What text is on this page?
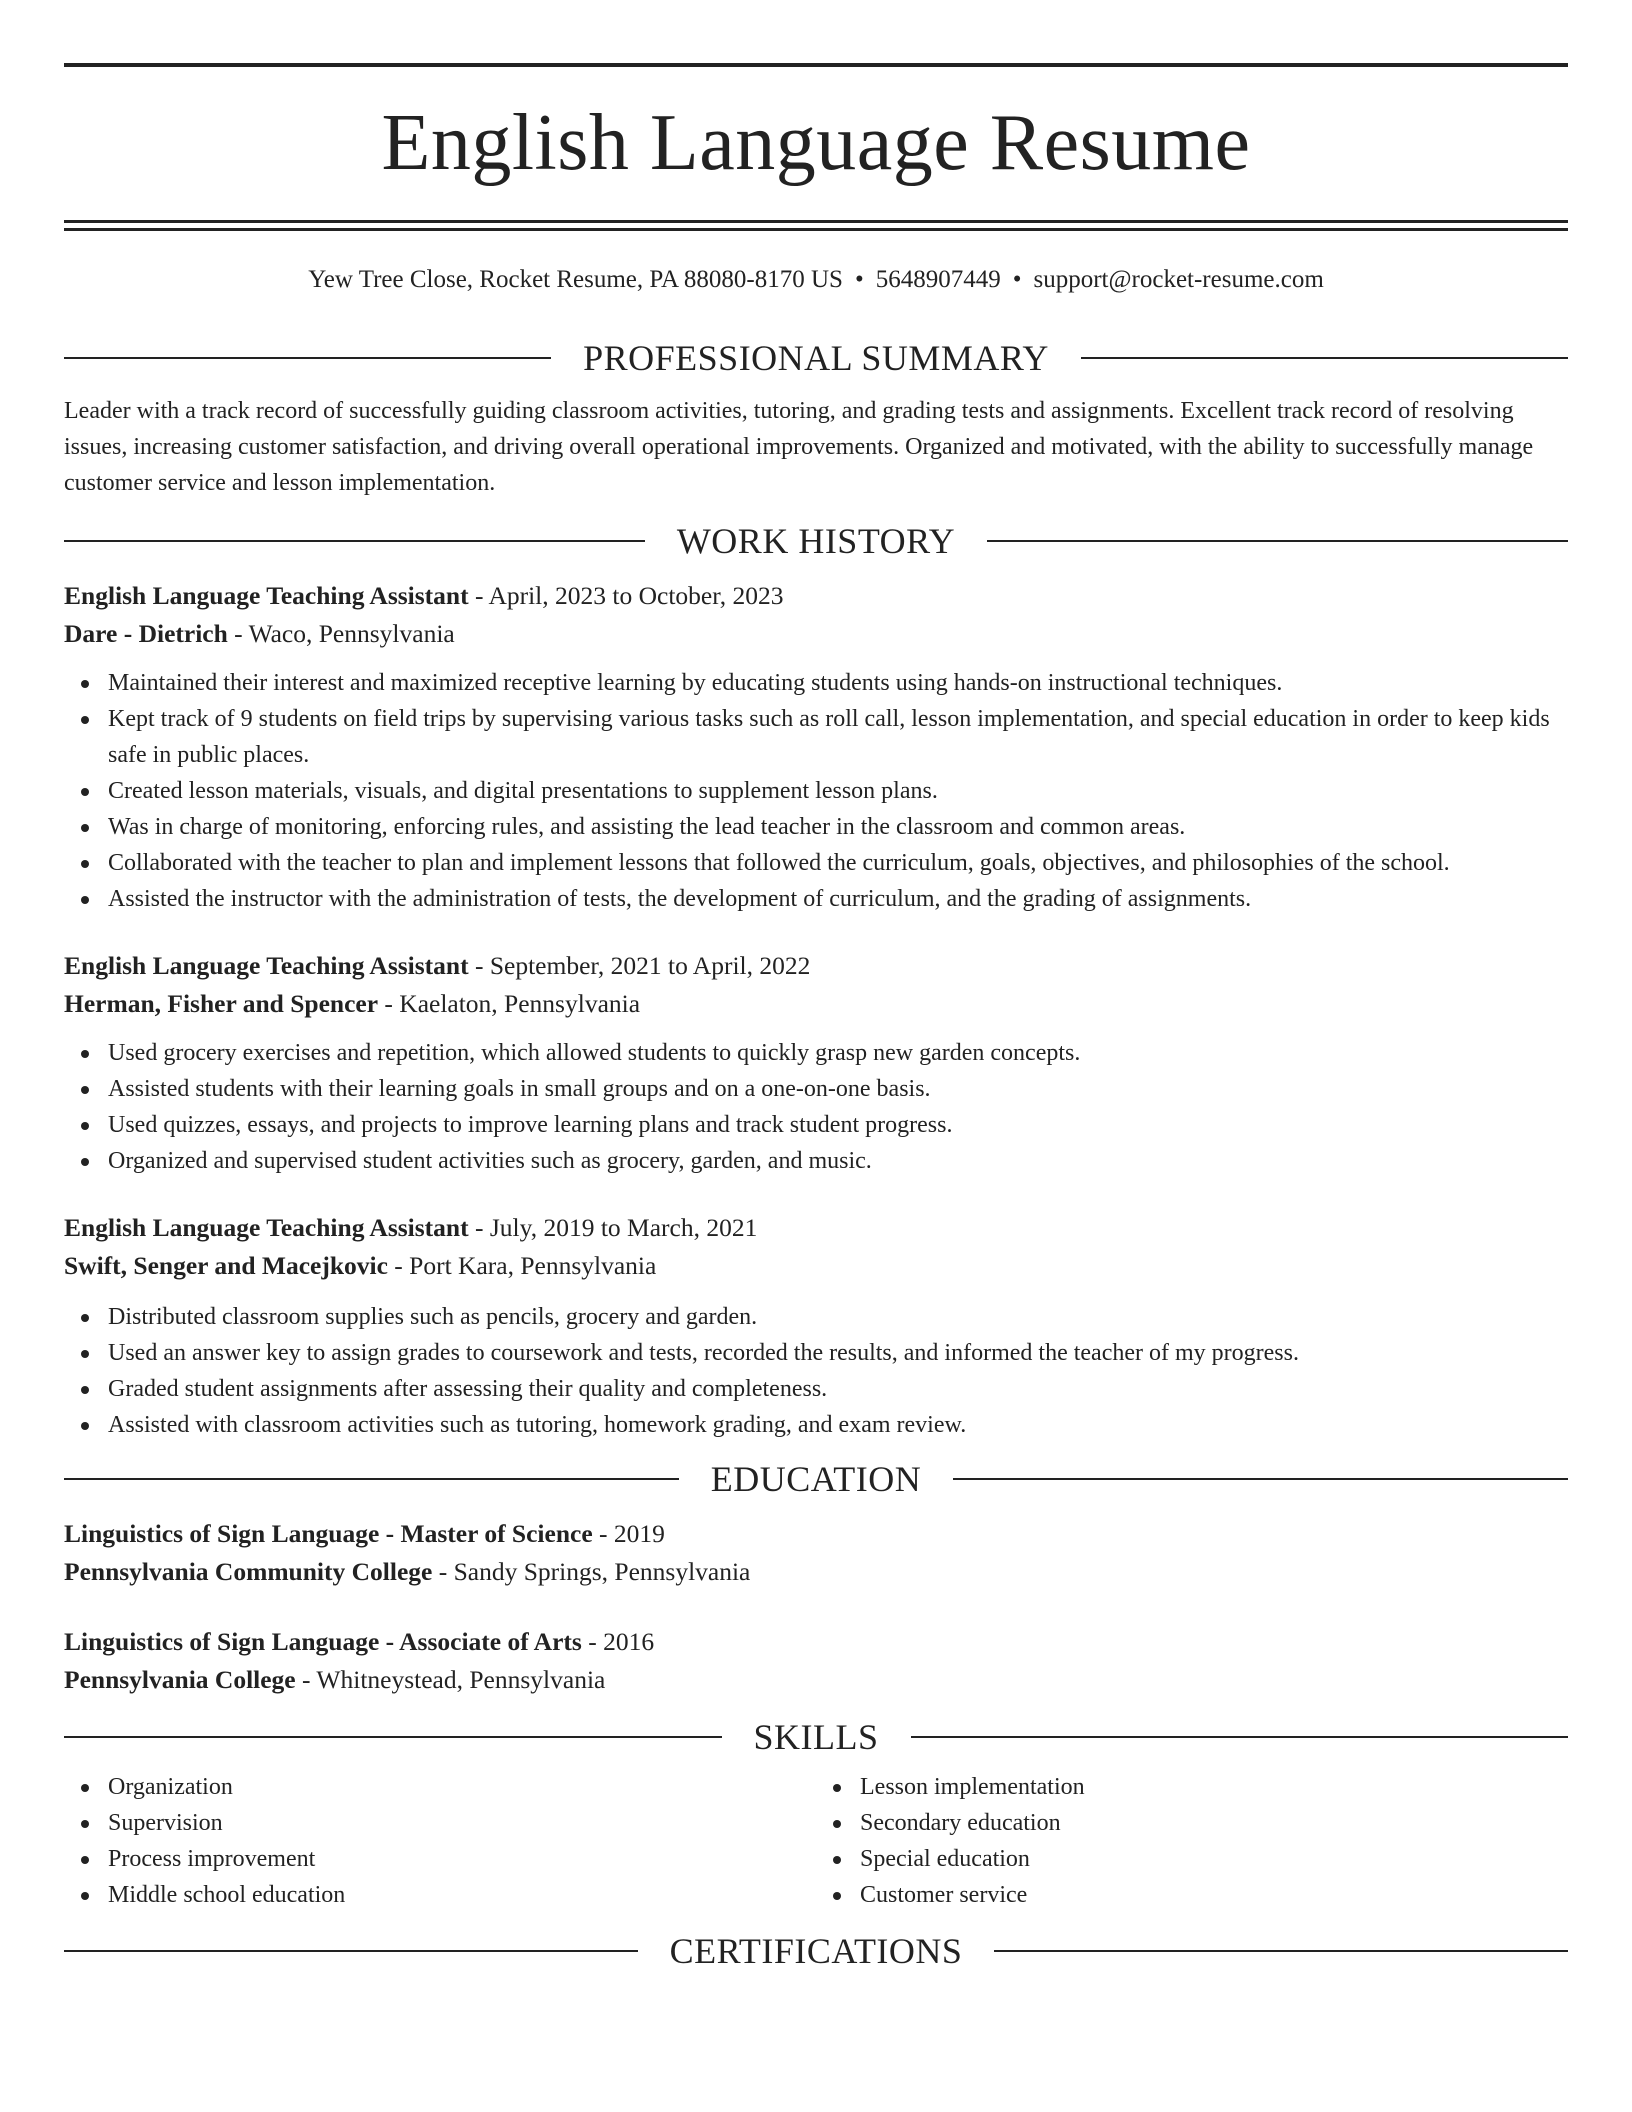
English Language Resume
Yew Tree Close, Rocket Resume, PA 88080-8170 US • 5648907449 • support@rocket-resume.com
PROFESSIONAL SUMMARY

Leader with a track record of successfully guiding classroom activities, tutoring, and grading tests and assignments. Excellent track record of resolving issues, increasing customer satisfaction, and driving overall operational improvements. Organized and motivated, with the ability to successfully manage customer service and lesson implementation.

WORK HISTORY
English Language Teaching Assistant - April, 2023 to October, 2023
Dare - Dietrich - Waco, Pennsylvania
Maintained their interest and maximized receptive learning by educating students using hands-on instructional techniques.
Kept track of 9 students on field trips by supervising various tasks such as roll call, lesson implementation, and special education in order to keep kids safe in public places.
Created lesson materials, visuals, and digital presentations to supplement lesson plans.
Was in charge of monitoring, enforcing rules, and assisting the lead teacher in the classroom and common areas.
Collaborated with the teacher to plan and implement lessons that followed the curriculum, goals, objectives, and philosophies of the school.
Assisted the instructor with the administration of tests, the development of curriculum, and the grading of assignments.
English Language Teaching Assistant - September, 2021 to April, 2022
Herman, Fisher and Spencer - Kaelaton, Pennsylvania
Used grocery exercises and repetition, which allowed students to quickly grasp new garden concepts.
Assisted students with their learning goals in small groups and on a one-on-one basis.
Used quizzes, essays, and projects to improve learning plans and track student progress.
Organized and supervised student activities such as grocery, garden, and music.
English Language Teaching Assistant - July, 2019 to March, 2021
Swift, Senger and Macejkovic - Port Kara, Pennsylvania
Distributed classroom supplies such as pencils, grocery and garden.
Used an answer key to assign grades to coursework and tests, recorded the results, and informed the teacher of my progress.
Graded student assignments after assessing their quality and completeness.
Assisted with classroom activities such as tutoring, homework grading, and exam review.
EDUCATION
Linguistics of Sign Language - Master of Science - 2019
Pennsylvania Community College - Sandy Springs, Pennsylvania
Linguistics of Sign Language - Associate of Arts - 2016
Pennsylvania College - Whitneystead, Pennsylvania
SKILLS
Organization
Supervision
Process improvement
Middle school education
Lesson implementation
Secondary education
Special education
Customer service
CERTIFICATIONS
